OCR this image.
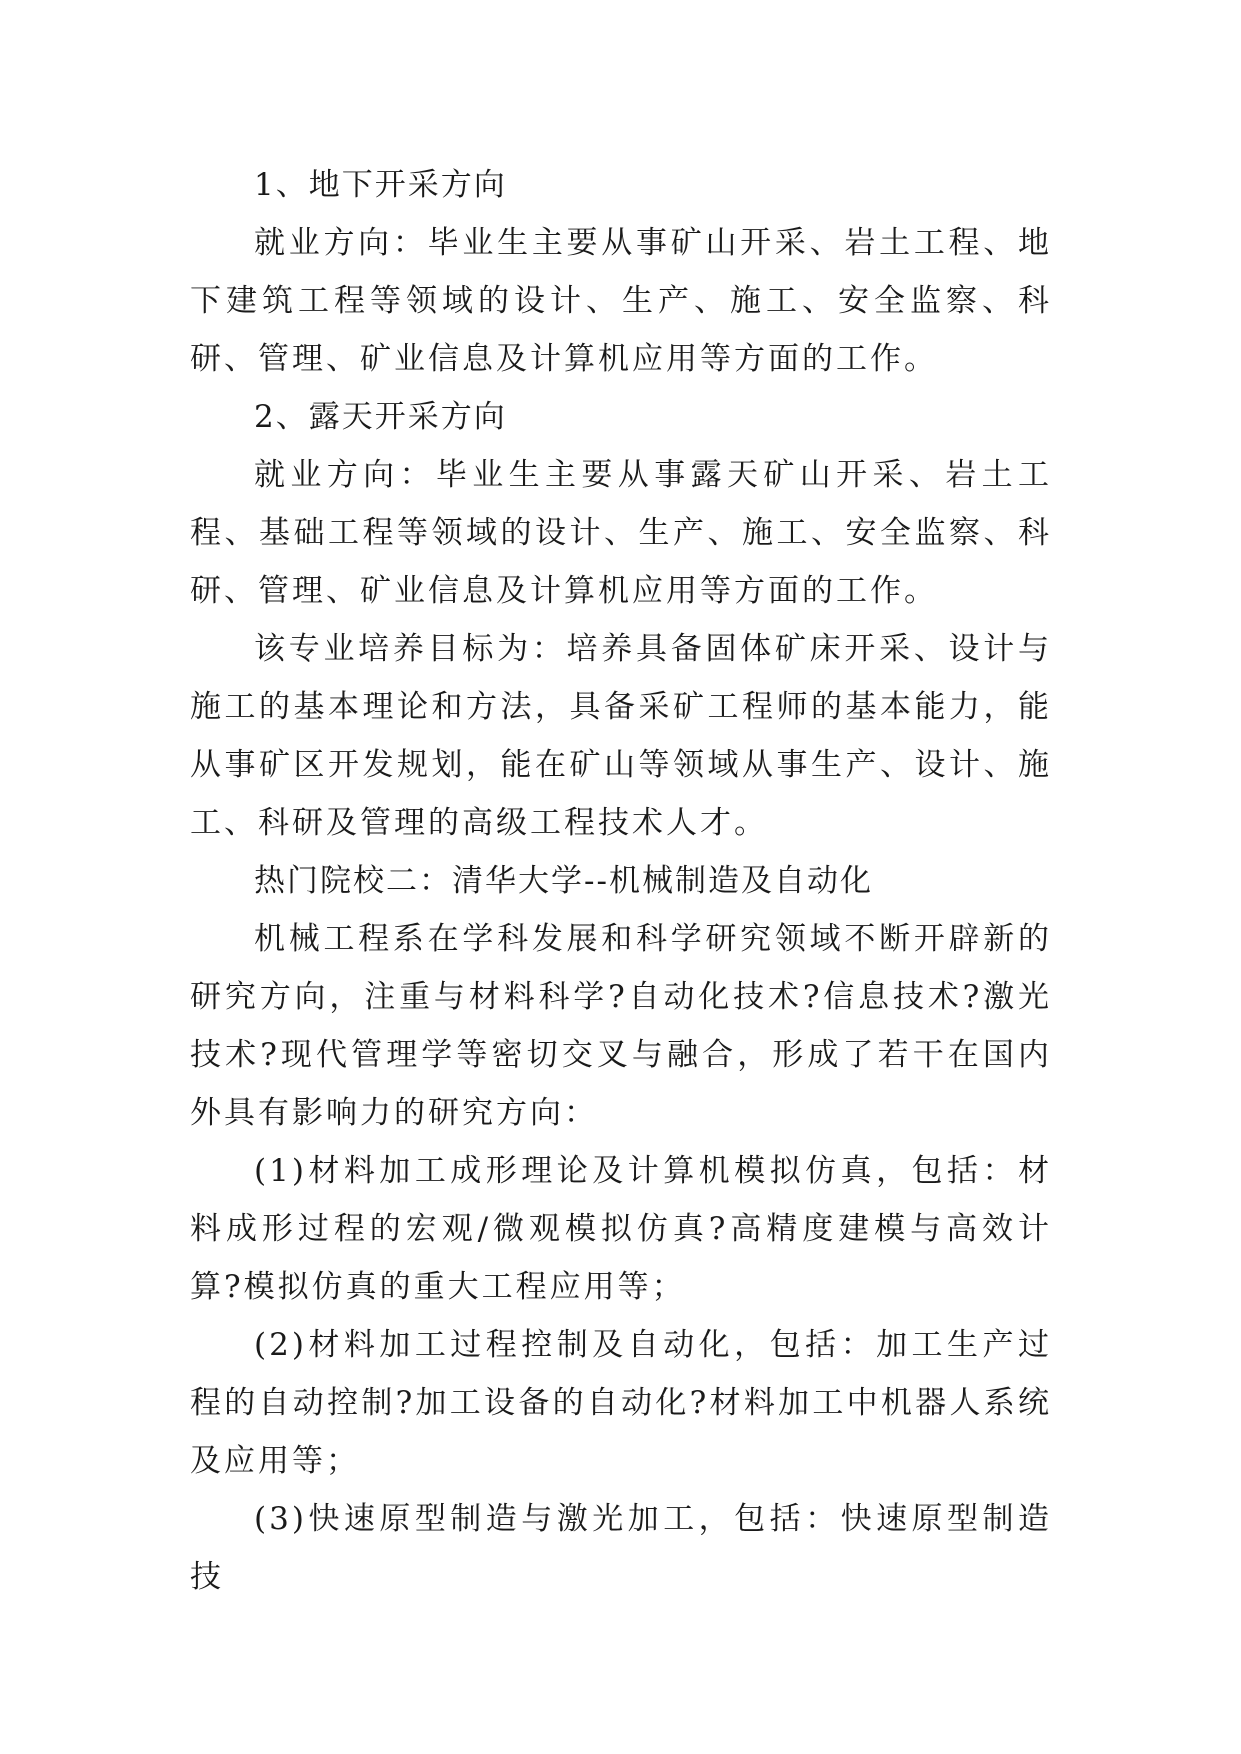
1、地下开采方向

就业方向：毕业生主要从事矿山开采、岩土工程、地下建筑工程等领域的设计、生产、施工、安全监察、科研、管理、矿业信息及计算机应用等方面的工作。

2、露天开采方向

就业方向：毕业生主要从事露天矿山开采、岩土工程、基础工程等领域的设计、生产、施工、安全监察、科研、管理、矿业信息及计算机应用等方面的工作。

该专业培养目标为：培养具备固体矿床开采、设计与施工的基本理论和方法，具备采矿工程师的基本能力，能从事矿区开发规划，能在矿山等领域从事生产、设计、施工、科研及管理的高级工程技术人才。

热门院校二：清华大学--机械制造及自动化

机械工程系在学科发展和科学研究领域不断开辟新的研究方向，注重与材料科学?自动化技术?信息技术?激光技术?现代管理学等密切交叉与融合，形成了若干在国内外具有影响力的研究方向：

(1)材料加工成形理论及计算机模拟仿真，包括：材料成形过程的宏观/微观模拟仿真?高精度建模与高效计算?模拟仿真的重大工程应用等；

(2)材料加工过程控制及自动化，包括：加工生产过程的自动控制?加工设备的自动化?材料加工中机器人系统及应用等；

(3)快速原型制造与激光加工，包括：快速原型制造技
